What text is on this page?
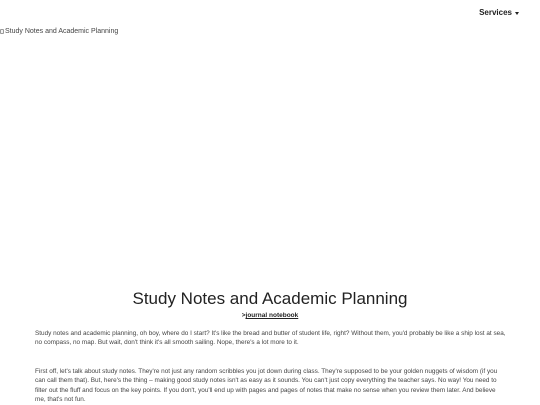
Services
Study Notes and Academic Planning
Study Notes and Academic Planning
>journal notebook

Study notes and academic planning, oh boy, where do I start? It's like the bread and butter of student life, right? Without them, you'd probably be like a ship lost at sea, no compass, no map. But wait, don't think it's all smooth sailing. Nope, there's a lot more to it.

First off, let's talk about study notes. They're not just any random scribbles you jot down during class. They're supposed to be your golden nuggets of wisdom (if you can call them that). But, here's the thing – making good study notes isn't as easy as it sounds. You can't just copy everything the teacher says. No way! You need to filter out the fluff and focus on the key points. If you don't, you'll end up with pages and pages of notes that make no sense when you review them later. And believe me, that's not fun.
